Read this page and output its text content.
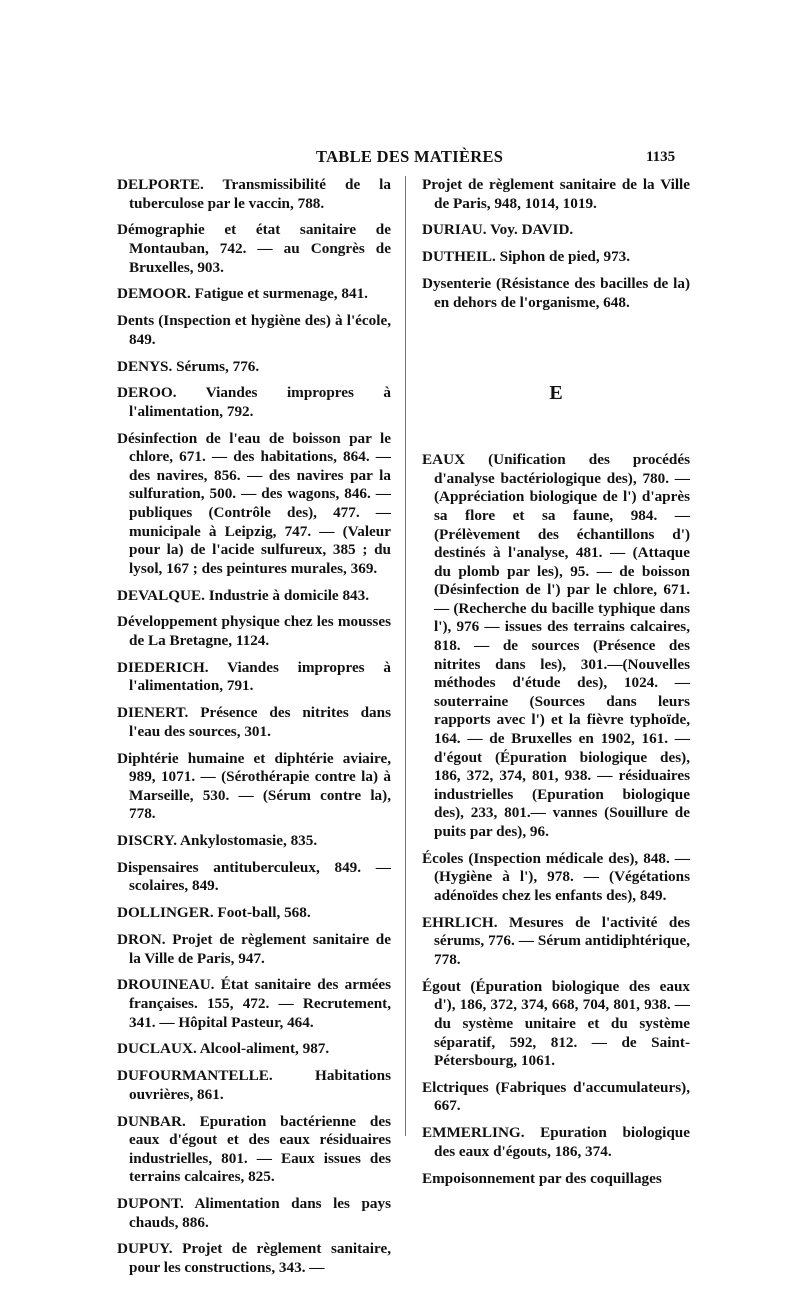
TABLE DES MATIÈRES	1135

DELPORTE. Transmissibilité de la tuberculose par le vaccin, 788.

Démographie et état sanitaire de Montauban, 742. — au Congrès de Bruxelles, 903.

DEMOOR. Fatigue et surmenage, 841.

Dents (Inspection et hygiène des) à l'école, 849.

DENYS. Sérums, 776.

DEROO. Viandes impropres à l'alimentation, 792.

Désinfection de l'eau de boisson par le chlore, 671. — des habitations, 864. — des navires, 856. — des navires par la sulfuration, 500. — des wagons, 846. — publiques (Contrôle des), 477. — municipale à Leipzig, 747. — (Valeur pour la) de l'acide sulfureux, 385 ; du lysol, 167 ; des peintures murales, 369.

DEVALQUE. Industrie à domicile 843.

Développement physique chez les mousses de La Bretagne, 1124.

DIEDERICH. Viandes impropres à l'alimentation, 791.

DIENERT. Présence des nitrites dans l'eau des sources, 301.

Diphtérie humaine et diphtérie aviaire, 989, 1071. — (Sérothérapie contre la) à Marseille, 530. — (Sérum contre la), 778.

DISCRY. Ankylostomasie, 835.

Dispensaires antituberculeux, 849. — scolaires, 849.

DOLLINGER. Foot-ball, 568.

DRON. Projet de règlement sanitaire de la Ville de Paris, 947.

DROUINEAU. État sanitaire des armées françaises. 155, 472. — Recrutement, 341. — Hôpital Pasteur, 464.

DUCLAUX. Alcool-aliment, 987.

DUFOURMANTELLE. Habitations ouvrières, 861.

DUNBAR. Epuration bactérienne des eaux d'égout et des eaux résiduaires industrielles, 801. — Eaux issues des terrains calcaires, 825.

DUPONT. Alimentation dans les pays chauds, 886.

DUPUY. Projet de règlement sanitaire, pour les constructions, 343. —

Projet de règlement sanitaire de la Ville de Paris, 948, 1014, 1019.

DURIAU. Voy. DAVID.

DUTHEIL. Siphon de pied, 973.

Dysenterie (Résistance des bacilles de la) en dehors de l'organisme, 648.

E

EAUX (Unification des procédés d'analyse bactériologique des), 780. — (Appréciation biologique de l') d'après sa flore et sa faune, 984. — (Prélèvement des échantillons d') destinés à l'analyse, 481. — (Attaque du plomb par les), 95. — de boisson (Désinfection de l') par le chlore, 671. — (Recherche du bacille typhique dans l'), 976 — issues des terrains calcaires, 818. — de sources (Présence des nitrites dans les), 301.—(Nouvelles méthodes d'étude des), 1024. — souterraine (Sources dans leurs rapports avec l') et la fièvre typhoïde, 164. — de Bruxelles en 1902, 161. — d'égout (Épuration biologique des), 186, 372, 374, 801, 938. — résiduaires industrielles (Epuration biologique des), 233, 801.— vannes (Souillure de puits par des), 96.

Écoles (Inspection médicale des), 848. — (Hygiène à l'), 978. — (Végétations adénoïdes chez les enfants des), 849.

EHRLICH. Mesures de l'activité des sérums, 776. — Sérum antidiphtérique, 778.

Égout (Épuration biologique des eaux d'), 186, 372, 374, 668, 704, 801, 938. — du système unitaire et du système séparatif, 592, 812. — de Saint-Pétersbourg, 1061.

Elctriques (Fabriques d'accumulateurs), 667.

EMMERLING. Epuration biologique des eaux d'égouts, 186, 374.

Empoisonnement par des coquillages
